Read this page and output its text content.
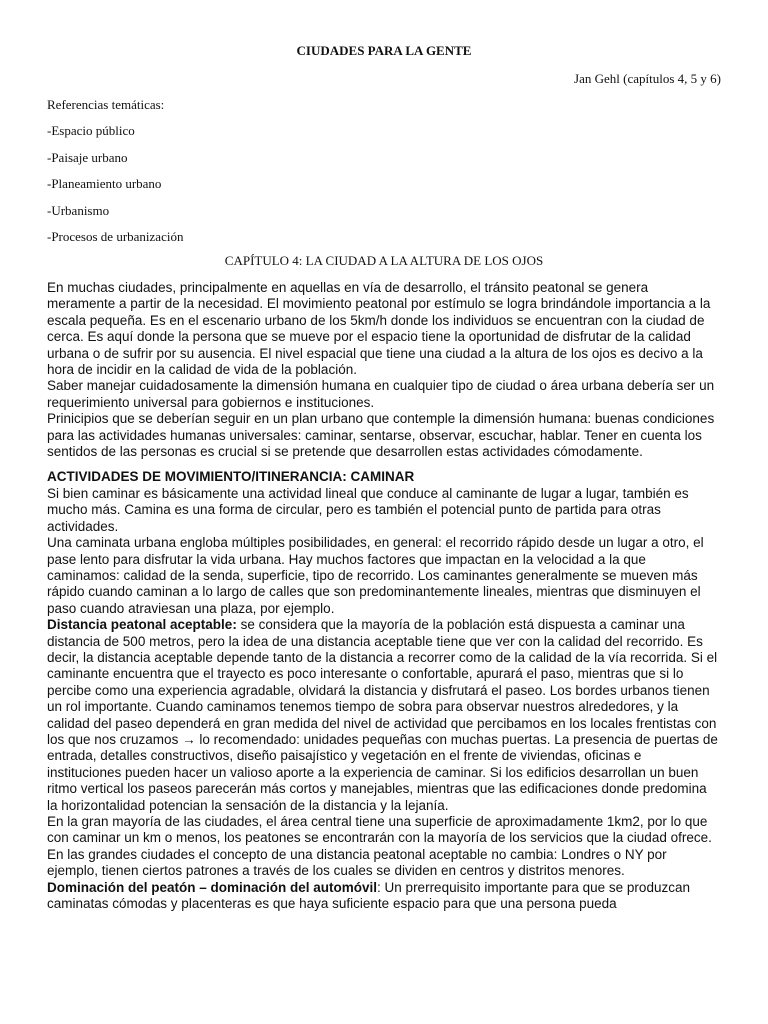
CIUDADES PARA LA GENTE
Jan Gehl (capítulos 4, 5 y 6)
Referencias temáticas:
-Espacio público
-Paisaje urbano
-Planeamiento urbano
-Urbanismo
-Procesos de urbanización
CAPÍTULO 4: LA CIUDAD A LA ALTURA DE LOS OJOS

En muchas ciudades, principalmente en aquellas en vía de desarrollo, el tránsito peatonal se genera meramente a partir de la necesidad. El movimiento peatonal por estímulo se logra brindándole importancia a la escala pequeña. Es en el escenario urbano de los 5km/h donde los individuos se encuentran con la ciudad de cerca. Es aquí donde la persona que se mueve por el espacio tiene la oportunidad de disfrutar de la calidad urbana o de sufrir por su ausencia. El nivel espacial que tiene una ciudad a la altura de los ojos es decivo a la hora de incidir en la calidad de vida de la población.

Saber manejar cuidadosamente la dimensión humana en cualquier tipo de ciudad o área urbana debería ser un requerimiento universal para gobiernos e instituciones.

Prinicipios que se deberían seguir en un plan urbano que contemple la dimensión humana: buenas condiciones para las actividades humanas universales: caminar, sentarse, observar, escuchar, hablar. Tener en cuenta los sentidos de las personas es crucial si se pretende que desarrollen estas actividades cómodamente.

ACTIVIDADES DE MOVIMIENTO/ITINERANCIA: CAMINAR

Si bien caminar es básicamente una actividad lineal que conduce al caminante de lugar a lugar, también es mucho más. Camina es una forma de circular, pero es también el potencial punto de partida para otras actividades.

Una caminata urbana engloba múltiples posibilidades, en general: el recorrido rápido desde un lugar a otro, el pase lento para disfrutar la vida urbana. Hay muchos factores que impactan en la velocidad a la que caminamos: calidad de la senda, superficie, tipo de recorrido. Los caminantes generalmente se mueven más rápido cuando caminan a lo largo de calles que son predominantemente lineales, mientras que disminuyen el paso cuando atraviesan una plaza, por ejemplo.

Distancia peatonal aceptable: se considera que la mayoría de la población está dispuesta a caminar una distancia de 500 metros, pero la idea de una distancia aceptable tiene que ver con la calidad del recorrido. Es decir, la distancia aceptable depende tanto de la distancia a recorrer como de la calidad de la vía recorrida. Si el caminante encuentra que el trayecto es poco interesante o confortable, apurará el paso, mientras que si lo percibe como una experiencia agradable, olvidará la distancia y disfrutará el paseo. Los bordes urbanos tienen un rol importante. Cuando caminamos tenemos tiempo de sobra para observar nuestros alrededores, y la calidad del paseo dependerá en gran medida del nivel de actividad que percibamos en los locales frentistas con los que nos cruzamos → lo recomendado: unidades pequeñas con muchas puertas. La presencia de puertas de entrada, detalles constructivos, diseño paisajístico y vegetación en el frente de viviendas, oficinas e instituciones pueden hacer un valioso aporte a la experiencia de caminar. Si los edificios desarrollan un buen ritmo vertical los paseos parecerán más cortos y manejables, mientras que las edificaciones donde predomina la horizontalidad potencian la sensación de la distancia y la lejanía.

En la gran mayoría de las ciudades, el área central tiene una superficie de aproximadamente 1km2, por lo que con caminar un km o menos, los peatones se encontrarán con la mayoría de los servicios que la ciudad ofrece. En las grandes ciudades el concepto de una distancia peatonal aceptable no cambia: Londres o NY por ejemplo, tienen ciertos patrones a través de los cuales se dividen en centros y distritos menores.

Dominación del peatón – dominación del automóvil: Un prerrequisito importante para que se produzcan caminatas cómodas y placenteras es que haya suficiente espacio para que una persona pueda
